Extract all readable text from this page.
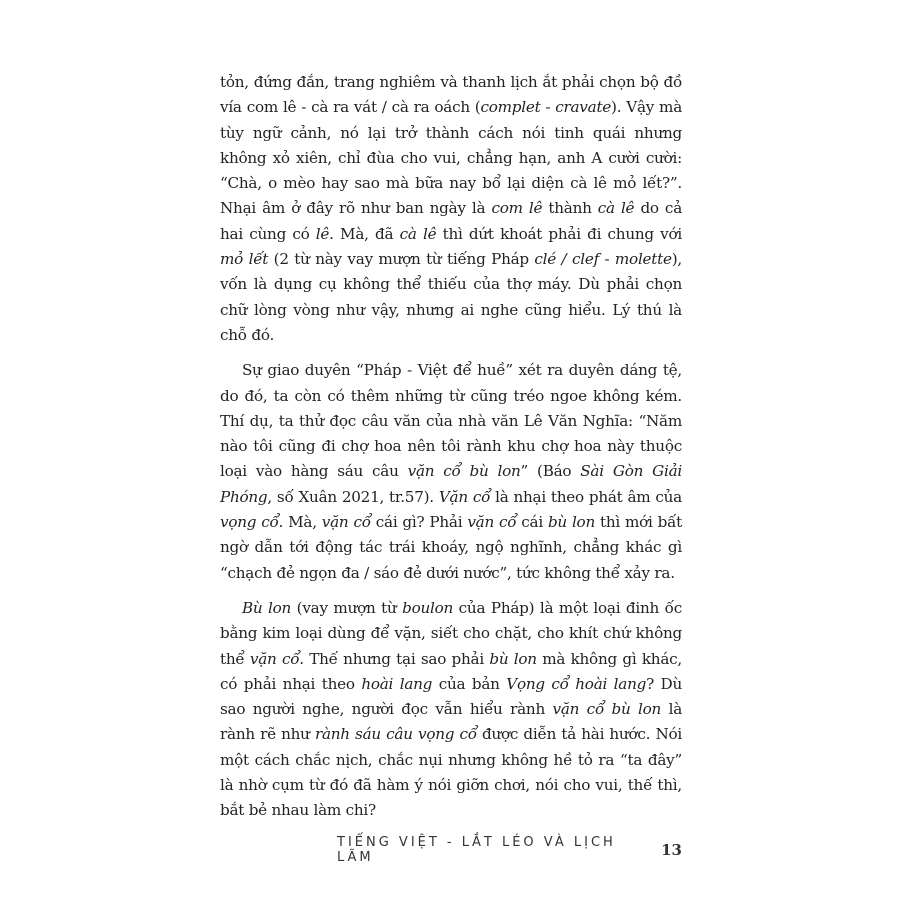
tỏn, đứng đắn, trang nghiêm và thanh lịch ắt phải chọn bộ đồ vía com lê - cà ra vát / cà ra oách (complet - cravate). Vậy mà tùy ngữ cảnh, nó lại trở thành cách nói tinh quái nhưng không xỏ xiên, chỉ đùa cho vui, chẳng hạn, anh A cười cười: “Chà, o mèo hay sao mà bữa nay bổ lại diện cà lê mỏ lết?”. Nhại âm ở đây rõ như ban ngày là com lê thành cà lê do cả hai cùng có lê. Mà, đã cà lê thì dứt khoát phải đi chung với mỏ lết (2 từ này vay mượn từ tiếng Pháp clé / clef - molette), vốn là dụng cụ không thể thiếu của thợ máy. Dù phải chọn chữ lòng vòng như vậy, nhưng ai nghe cũng hiểu. Lý thú là chỗ đó.

Sự giao duyên “Pháp - Việt để huề” xét ra duyên dáng tệ, do đó, ta còn có thêm những từ cũng tréo ngoe không kém. Thí dụ, ta thử đọc câu văn của nhà văn Lê Văn Nghĩa: “Năm nào tôi cũng đi chợ hoa nên tôi rành khu chợ hoa này thuộc loại vào hàng sáu câu vặn cổ bù lon” (Báo Sài Gòn Giải Phóng, số Xuân 2021, tr.57). Vặn cổ là nhại theo phát âm của vọng cổ. Mà, vặn cổ cái gì? Phải vặn cổ cái bù lon thì mới bất ngờ dẫn tới động tác trái khoáy, ngộ nghĩnh, chẳng khác gì “chạch đẻ ngọn đa / sáo đẻ dưới nước”, tức không thể xảy ra.

Bù lon (vay mượn từ boulon của Pháp) là một loại đinh ốc bằng kim loại dùng để vặn, siết cho chặt, cho khít chứ không thể vặn cổ. Thế nhưng tại sao phải bù lon mà không gì khác, có phải nhại theo hoài lang của bản Vọng cổ hoài lang? Dù sao người nghe, người đọc vẫn hiểu rành vặn cổ bù lon là rành rẽ như rành sáu câu vọng cổ được diễn tả hài hước. Nói một cách chắc nịch, chắc nụi nhưng không hề tỏ ra “ta đây” là nhờ cụm từ đó đã hàm ý nói giỡn chơi, nói cho vui, thế thì, bắt bẻ nhau làm chi?

TIẾNG VIỆT - LẮT LÉO VÀ LỊCH LÃM	13
